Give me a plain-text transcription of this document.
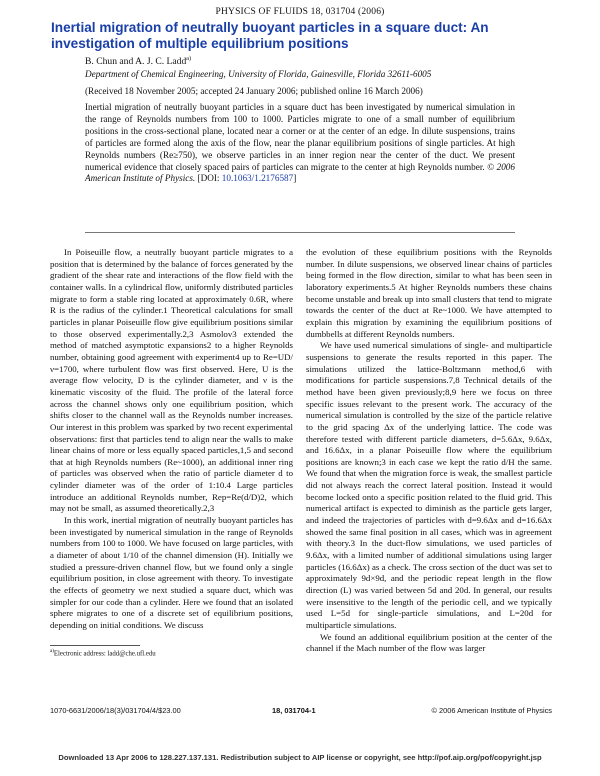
PHYSICS OF FLUIDS 18, 031704 (2006)
Inertial migration of neutrally buoyant particles in a square duct: An investigation of multiple equilibrium positions
B. Chun and A. J. C. Ladd$^{a)}$
Department of Chemical Engineering, University of Florida, Gainesville, Florida 32611-6005
(Received 18 November 2005; accepted 24 January 2006; published online 16 March 2006)
Inertial migration of neutrally buoyant particles in a square duct has been investigated by numerical simulation in the range of Reynolds numbers from 100 to 1000. Particles migrate to one of a small number of equilibrium positions in the cross-sectional plane, located near a corner or at the center of an edge. In dilute suspensions, trains of particles are formed along the axis of the flow, near the planar equilibrium positions of single particles. At high Reynolds numbers (Re≥750), we observe particles in an inner region near the center of the duct. We present numerical evidence that closely spaced pairs of particles can migrate to the center at high Reynolds number. © 2006 American Institute of Physics. [DOI: 10.1063/1.2176587]

In Poiseuille flow, a neutrally buoyant particle migrates to a position that is determined by the balance of forces generated by the gradient of the shear rate and interactions of the flow field with the container walls. In a cylindrical flow, uniformly distributed particles migrate to form a stable ring located at approximately 0.6R, where R is the radius of the cylinder.1 Theoretical calculations for small particles in planar Poiseuille flow give equilibrium positions similar to those observed experimentally.2,3 Asmolov3 extended the method of matched asymptotic expansions2 to a higher Reynolds number, obtaining good agreement with experiment4 up to Re=UD/ν=1700, where turbulent flow was first observed. Here, U is the average flow velocity, D is the cylinder diameter, and ν is the kinematic viscosity of the fluid. The profile of the lateral force across the channel shows only one equilibrium position, which shifts closer to the channel wall as the Reynolds number increases. Our interest in this problem was sparked by two recent experimental observations: first that particles tend to align near the walls to make linear chains of more or less equally spaced particles,1,5 and second that at high Reynolds numbers (Re~1000), an additional inner ring of particles was observed when the ratio of particle diameter d to cylinder diameter was of the order of 1:10.4 Large particles introduce an additional Reynolds number, Rep=Re(d/D)2, which may not be small, as assumed theoretically.2,3

In this work, inertial migration of neutrally buoyant particles has been investigated by numerical simulation in the range of Reynolds numbers from 100 to 1000. We have focused on large particles, with a diameter of about 1/10 of the channel dimension (H). Initially we studied a pressure-driven channel flow, but we found only a single equilibrium position, in close agreement with theory. To investigate the effects of geometry we next studied a square duct, which was simpler for our code than a cylinder. Here we found that an isolated sphere migrates to one of a discrete set of equilibrium positions, depending on initial conditions. We discuss

the evolution of these equilibrium positions with the Reynolds number. In dilute suspensions, we observed linear chains of particles being formed in the flow direction, similar to what has been seen in laboratory experiments.5 At higher Reynolds numbers these chains become unstable and break up into small clusters that tend to migrate towards the center of the duct at Re~1000. We have attempted to explain this migration by examining the equilibrium positions of dumbbells at different Reynolds numbers.

We have used numerical simulations of single- and multiparticle suspensions to generate the results reported in this paper. The simulations utilized the lattice-Boltzmann method,6 with modifications for particle suspensions.7,8 Technical details of the method have been given previously;8,9 here we focus on three specific issues relevant to the present work. The accuracy of the numerical simulation is controlled by the size of the particle relative to the grid spacing Δx of the underlying lattice. The code was therefore tested with different particle diameters, d=5.6Δx, 9.6Δx, and 16.6Δx, in a planar Poiseuille flow where the equilibrium positions are known;3 in each case we kept the ratio d/H the same. We found that when the migration force is weak, the smallest particle did not always reach the correct lateral position. Instead it would become locked onto a specific position related to the fluid grid. This numerical artifact is expected to diminish as the particle gets larger, and indeed the trajectories of particles with d=9.6Δx and d=16.6Δx showed the same final position in all cases, which was in agreement with theory.3 In the duct-flow simulations, we used particles of 9.6Δx, with a limited number of additional simulations using larger particles (16.6Δx) as a check. The cross section of the duct was set to approximately 9d×9d, and the periodic repeat length in the flow direction (L) was varied between 5d and 20d. In general, our results were insensitive to the length of the periodic cell, and we typically used L=5d for single-particle simulations, and L=20d for multiparticle simulations.

We found an additional equilibrium position at the center of the channel if the Mach number of the flow was larger

$^{a)}$Electronic address: ladd@che.ufl.edu
1070-6631/2006/18(3)/031704/4/$23.00	18, 031704-1	© 2006 American Institute of Physics
Downloaded 13 Apr 2006 to 128.227.137.131. Redistribution subject to AIP license or copyright, see http://pof.aip.org/pof/copyright.jsp
